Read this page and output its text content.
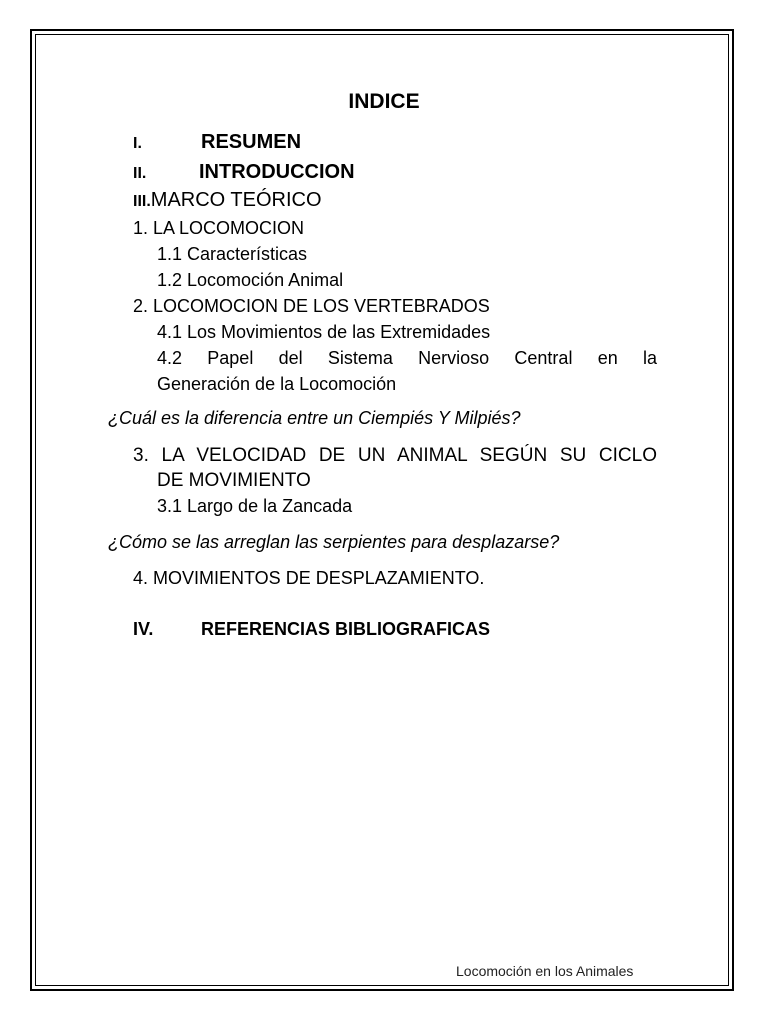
INDICE
I.	RESUMEN
II.	INTRODUCCION
III.MARCO TEÓRICO
1. LA LOCOMOCION
1.1 Características
1.2 Locomoción Animal
2. LOCOMOCION DE LOS VERTEBRADOS
4.1 Los Movimientos de las Extremidades
4.2 Papel del Sistema Nervioso Central en la
Generación de la Locomoción
¿Cuál es la diferencia entre un Ciempiés Y Milpiés?
3. LA VELOCIDAD DE UN ANIMAL SEGÚN SU CICLO
DE MOVIMIENTO
3.1 Largo de la Zancada
¿Cómo se las arreglan las serpientes para desplazarse?
4. MOVIMIENTOS DE DESPLAZAMIENTO.
IV.	REFERENCIAS BIBLIOGRAFICAS
Locomoción en los Animales
